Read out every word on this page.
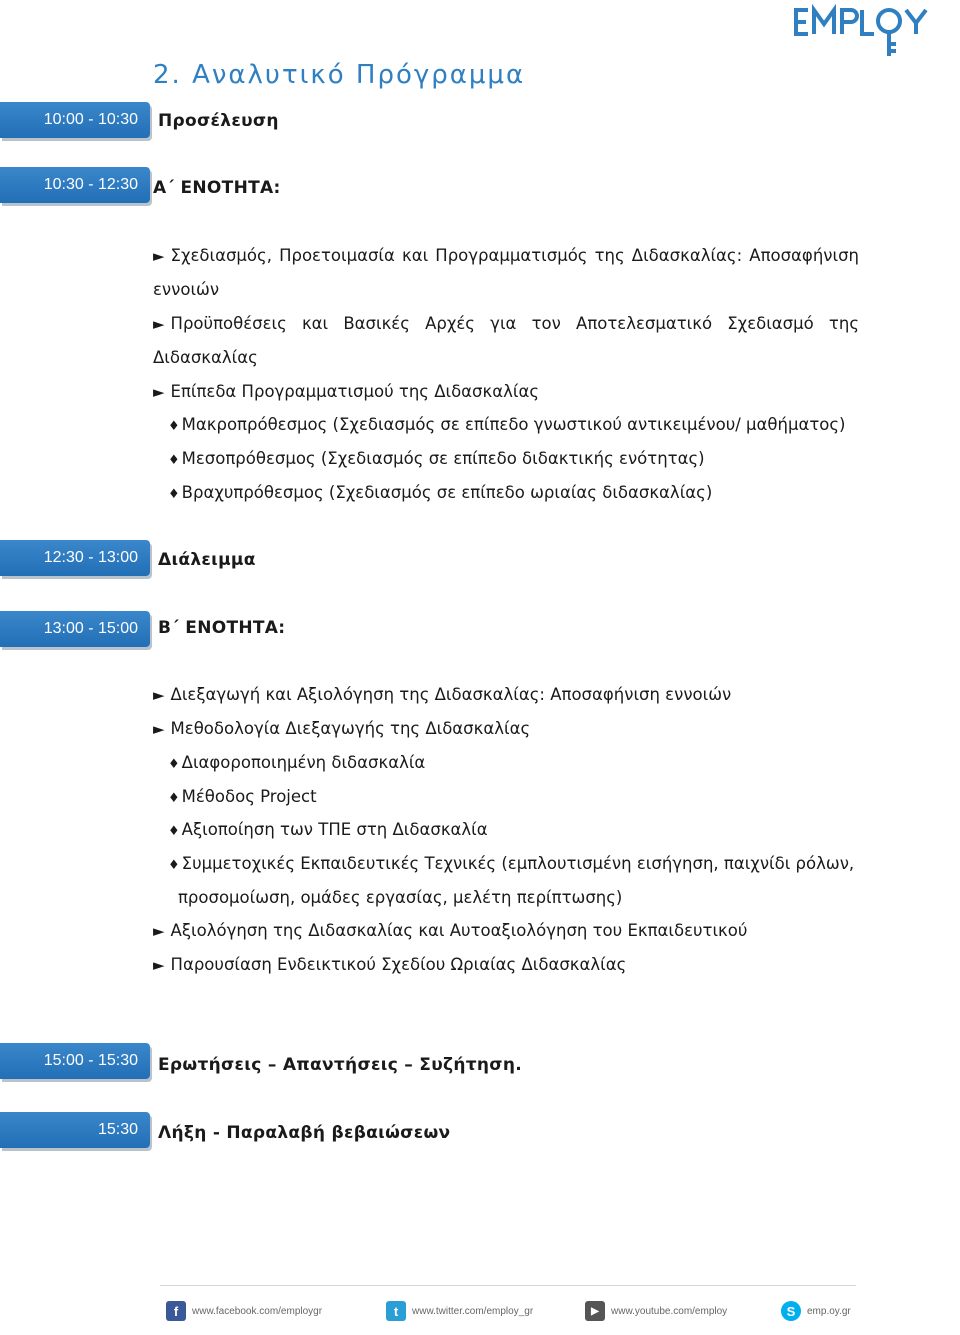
2. Αναλυτικό Πρόγραμμα
10:00 - 10:30	Προσέλευση
10:30 - 12:30 Α΄ ΕΝΟΤΗΤΑ:
► Σχεδιασμός, Προετοιμασία και Προγραμματισμός της Διδασκαλίας: Αποσαφήνιση
εννοιών
► Προϋποθέσεις και Βασικές Αρχές για τον Αποτελεσματικό Σχεδιασμό της
Διδασκαλίας
► Επίπεδα Προγραμματισμού της Διδασκαλίας
♦ Μακροπρόθεσμος (Σχεδιασμός σε επίπεδο γνωστικού αντικειμένου/ μαθήματος)
♦ Μεσοπρόθεσμος (Σχεδιασμός σε επίπεδο διδακτικής ενότητας)
♦ Βραχυπρόθεσμος (Σχεδιασμός σε επίπεδο ωριαίας διδασκαλίας)
12:30 - 13:00	Διάλειμμα
13:00 - 15:00	Β΄ ΕΝΟΤΗΤΑ:
► Διεξαγωγή και Αξιολόγηση της Διδασκαλίας: Αποσαφήνιση εννοιών
► Μεθοδολογία Διεξαγωγής της Διδασκαλίας
♦ Διαφοροποιημένη διδασκαλία
♦ Μέθοδος Project
♦ Αξιοποίηση των ΤΠΕ στη Διδασκαλία
♦ Συμμετοχικές Εκπαιδευτικές Τεχνικές (εμπλουτισμένη εισήγηση, παιχνίδι ρόλων,
προσομοίωση, ομάδες εργασίας, μελέτη περίπτωσης)
► Αξιολόγηση της Διδασκαλίας και Αυτοαξιολόγηση του Εκπαιδευτικού
► Παρουσίαση Ενδεικτικού Σχεδίου Ωριαίας Διδασκαλίας
15:00 - 15:30	Ερωτήσεις – Απαντήσεις – Συζήτηση.
15:30	Λήξη - Παραλαβή βεβαιώσεων
f	www.facebook.com/employgr	t	www.twitter.com/employ_gr	▶	www.youtube.com/employ	S	emp.oy.gr
